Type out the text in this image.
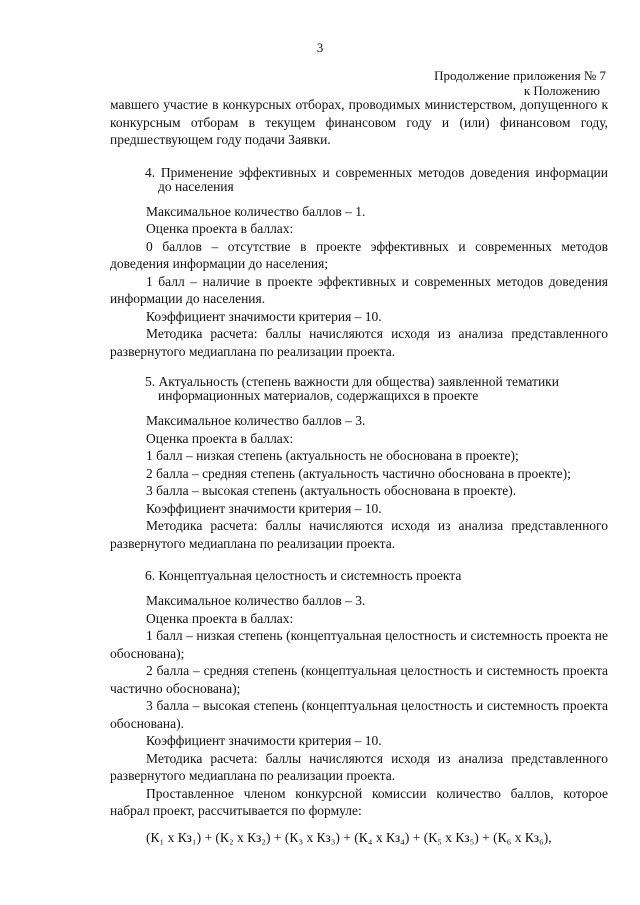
3
Продолжение приложения № 7
к Положению

мавшего участие в конкурсных отборах, проводимых министерством, допущенного к конкурсным отборам в текущем финансовом году и (или) финансовом году, предшествующем году подачи Заявки.

4. Применение эффективных и современных методов доведения информации до населения

Максимальное количество баллов – 1.

Оценка проекта в баллах:

0 баллов – отсутствие в проекте эффективных и современных методов доведения информации до населения;

1 балл – наличие в проекте эффективных и современных методов доведения информации до населения.

Коэффициент значимости критерия – 10.

Методика расчета: баллы начисляются исходя из анализа представленного развернутого медиаплана по реализации проекта.

5. Актуальность (степень важности для общества) заявленной тематики информационных материалов, содержащихся в проекте

Максимальное количество баллов – 3.

Оценка проекта в баллах:

1 балл – низкая степень (актуальность не обоснована в проекте);

2 балла – средняя степень (актуальность частично обоснована в проекте);

3 балла – высокая степень (актуальность обоснована в проекте).

Коэффициент значимости критерия – 10.

Методика расчета: баллы начисляются исходя из анализа представленного развернутого медиаплана по реализации проекта.

6. Концептуальная целостность и системность проекта

Максимальное количество баллов – 3.

Оценка проекта в баллах:

1 балл – низкая степень (концептуальная целостность и системность проекта не обоснована);

2 балла – средняя степень (концептуальная целостность и системность проекта частично обоснована);

3 балла – высокая степень (концептуальная целостность и системность проекта обоснована).

Коэффициент значимости критерия – 10.

Методика расчета: баллы начисляются исходя из анализа представленного развернутого медиаплана по реализации проекта.

Проставленное членом конкурсной комиссии количество баллов, которое набрал проект, рассчитывается по формуле:

(К₁ х Кз₁) + (К₂ х Кз₂) + (К₃ х Кз₃) + (К₄ х Кз₄) + (К₅ х Кз₅) + (К₆ х Кз₆),
